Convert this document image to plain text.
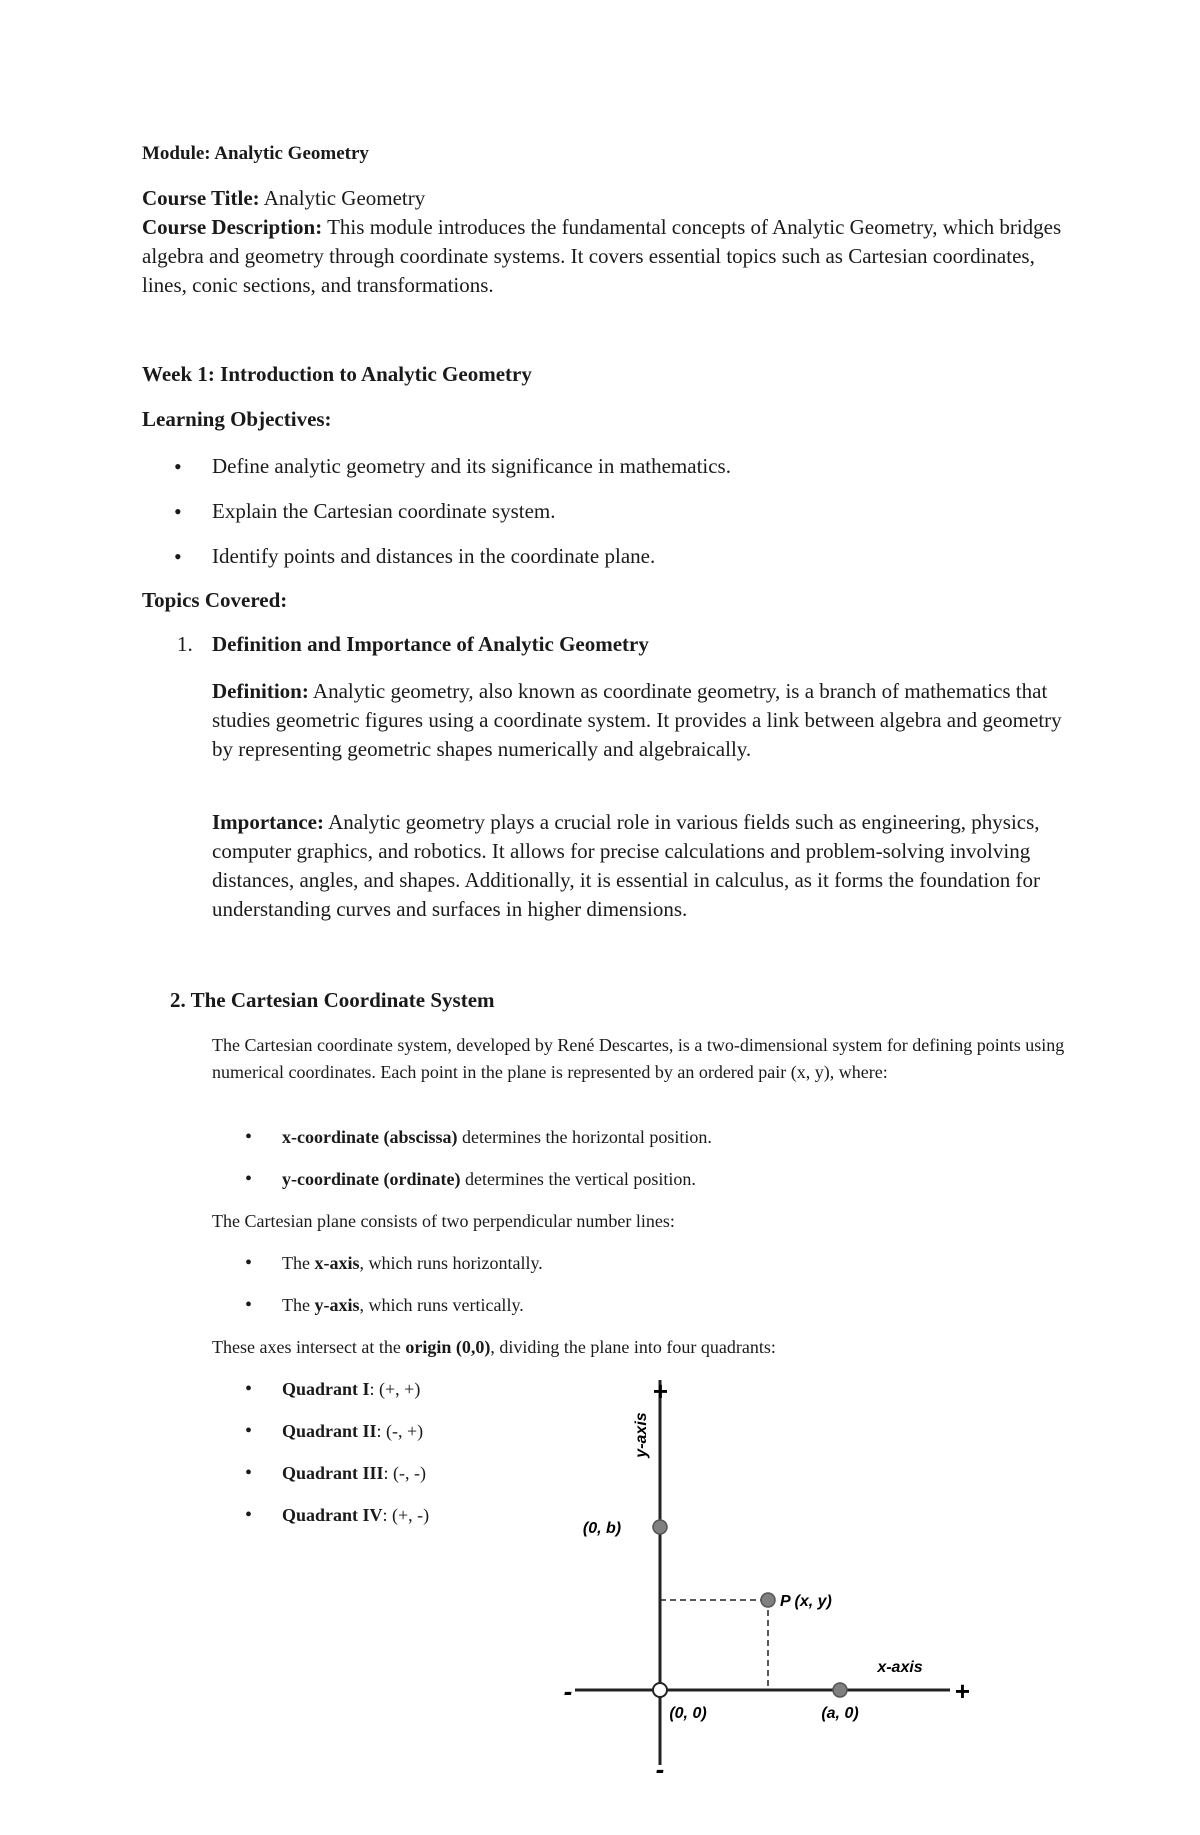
Module: Analytic Geometry
Course Title: Analytic Geometry
Course Description: This module introduces the fundamental concepts of Analytic Geometry, which bridges algebra and geometry through coordinate systems. It covers essential topics such as Cartesian coordinates, lines, conic sections, and transformations.
Week 1: Introduction to Analytic Geometry
Learning Objectives:
• Define analytic geometry and its significance in mathematics.
• Explain the Cartesian coordinate system.
• Identify points and distances in the coordinate plane.
Topics Covered:
1. Definition and Importance of Analytic Geometry
Definition: Analytic geometry, also known as coordinate geometry, is a branch of mathematics that studies geometric figures using a coordinate system. It provides a link between algebra and geometry by representing geometric shapes numerically and algebraically.
Importance: Analytic geometry plays a crucial role in various fields such as engineering, physics, computer graphics, and robotics. It allows for precise calculations and problem-solving involving distances, angles, and shapes. Additionally, it is essential in calculus, as it forms the foundation for understanding curves and surfaces in higher dimensions.
2. The Cartesian Coordinate System
The Cartesian coordinate system, developed by René Descartes, is a two-dimensional system for defining points using numerical coordinates. Each point in the plane is represented by an ordered pair (x, y), where:
• x-coordinate (abscissa) determines the horizontal position.
• y-coordinate (ordinate) determines the vertical position.
The Cartesian plane consists of two perpendicular number lines:
• The x-axis, which runs horizontally.
• The y-axis, which runs vertically.
These axes intersect at the origin (0,0), dividing the plane into four quadrants:
• Quadrant I: (+, +)
• Quadrant II: (-, +)
• Quadrant III: (-, -)
• Quadrant IV: (+, -)
+
-
-	+
y-axis
x-axis
(0, b)
P (x, y)
(0, 0)	(a, 0)
